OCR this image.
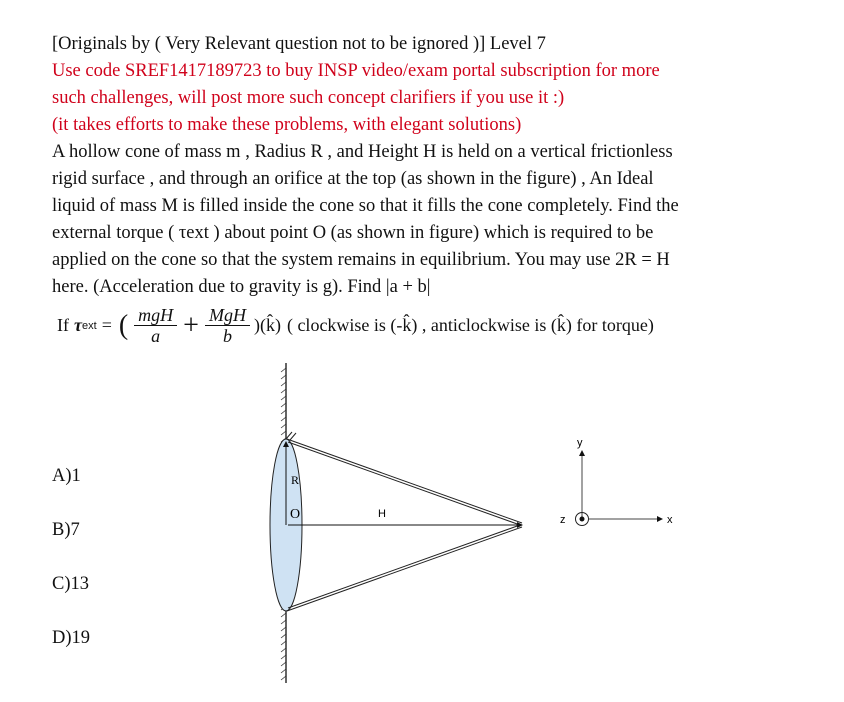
[Originals by ( Very Relevant question not to be ignored )] Level 7
Use code SREF1417189723 to buy INSP video/exam portal subscription for more
such challenges, will post more such concept clarifiers if you use it :)
(it takes efforts to make these problems, with elegant solutions)
A hollow cone of mass m , Radius R , and Height H is held on a vertical frictionless
rigid surface , and through an orifice at the top (as shown in the figure) , An Ideal
liquid of mass M is filled inside the cone so that it fills the cone completely. Find the
external torque ( τext ) about point O (as shown in figure) which is required to be
applied on the cone so that the system remains in equilibrium. You may use 2R = H
here. (Acceleration due to gravity is g). Find |a + b|
If τ ext = ( $\frac{\text{mgH}}{a} + \frac{\text{MgH}}{b}$ )(k̂) ( clockwise is (-k̂) , anticlockwise is (k̂) for torque)
A)1
B)7
C)13
D)19
R
O	H
y
x
z
